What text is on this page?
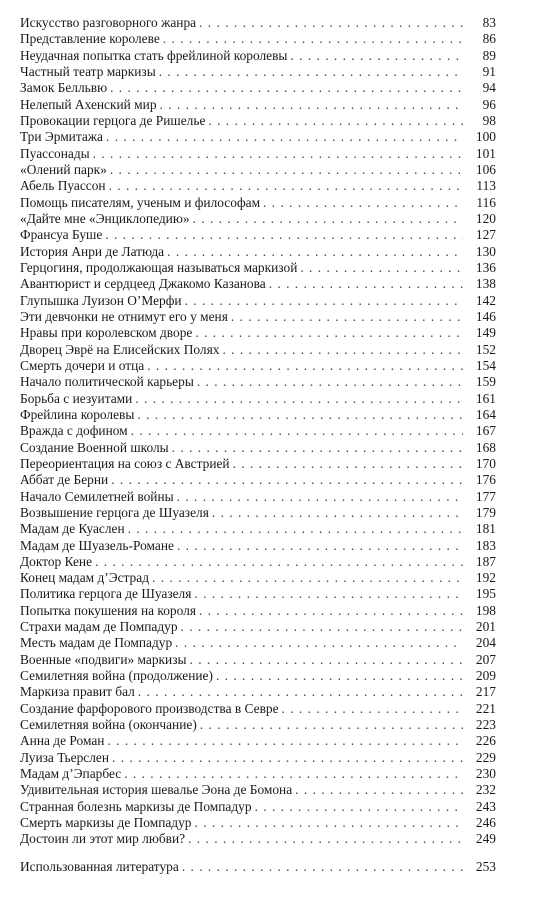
Искусство разговорного жанра . . .	83
Представление королеве . . .	86
Неудачная попытка стать фрейлиной королевы . . .	89
Частный театр маркизы . . .	91
Замок Белльвю . . .	94
Нелепый Ахенский мир . . .	96
Провокации герцога де Ришелье . . .	98
Три Эрмитажа . . .	100
Пуассонады . . .	101
«Олений парк» . . .	106
Абель Пуассон . . .	113
Помощь писателям, ученым и философам . . .	116
«Дайте мне «Энциклопедию» . . .	120
Франсуа Буше . . .	127
История Анри де Латюда . . .	130
Герцогиня, продолжающая называться маркизой . . .	136
Авантюрист и сердцеед Джакомо Казанова . . .	138
Глупышка Луизон О’Мерфи . . .	142
Эти девчонки не отнимут его у меня . . .	146
Нравы при королевском дворе . . .	149
Дворец Эврё на Елисейских Полях . . .	152
Смерть дочери и отца . . .	154
Начало политической карьеры . . .	159
Борьба с иезуитами . . .	161
Фрейлина королевы . . .	164
Вражда с дофином . . .	167
Создание Военной школы . . .	168
Переориентация на союз с Австрией . . .	170
Аббат де Берни . . .	176
Начало Семилетней войны . . .	177
Возвышение герцога де Шуазеля . . .	179
Мадам де Куаслен . . .	181
Мадам де Шуазель-Романе . . .	183
Доктор Кене . . .	187
Конец мадам д’Эстрад . . .	192
Политика герцога де Шуазеля . . .	195
Попытка покушения на короля . . .	198
Страхи мадам де Помпадур . . .	201
Месть мадам де Помпадур . . .	204
Военные «подвиги» маркизы . . .	207
Семилетняя война (продолжение) . . .	209
Маркиза правит бал . . .	217
Создание фарфорового производства в Севре . . .	221
Семилетняя война (окончание) . . .	223
Анна де Роман . . .	226
Луиза Тьерслен . . .	229
Мадам д’Эпарбес . . .	230
Удивительная история шевалье Эона де Бомона . . .	232
Странная болезнь маркизы де Помпадур . . .	243
Смерть маркизы де Помпадур . . .	246
Достоин ли этот мир любви? . . .	249
Использованная литература . . .	253
